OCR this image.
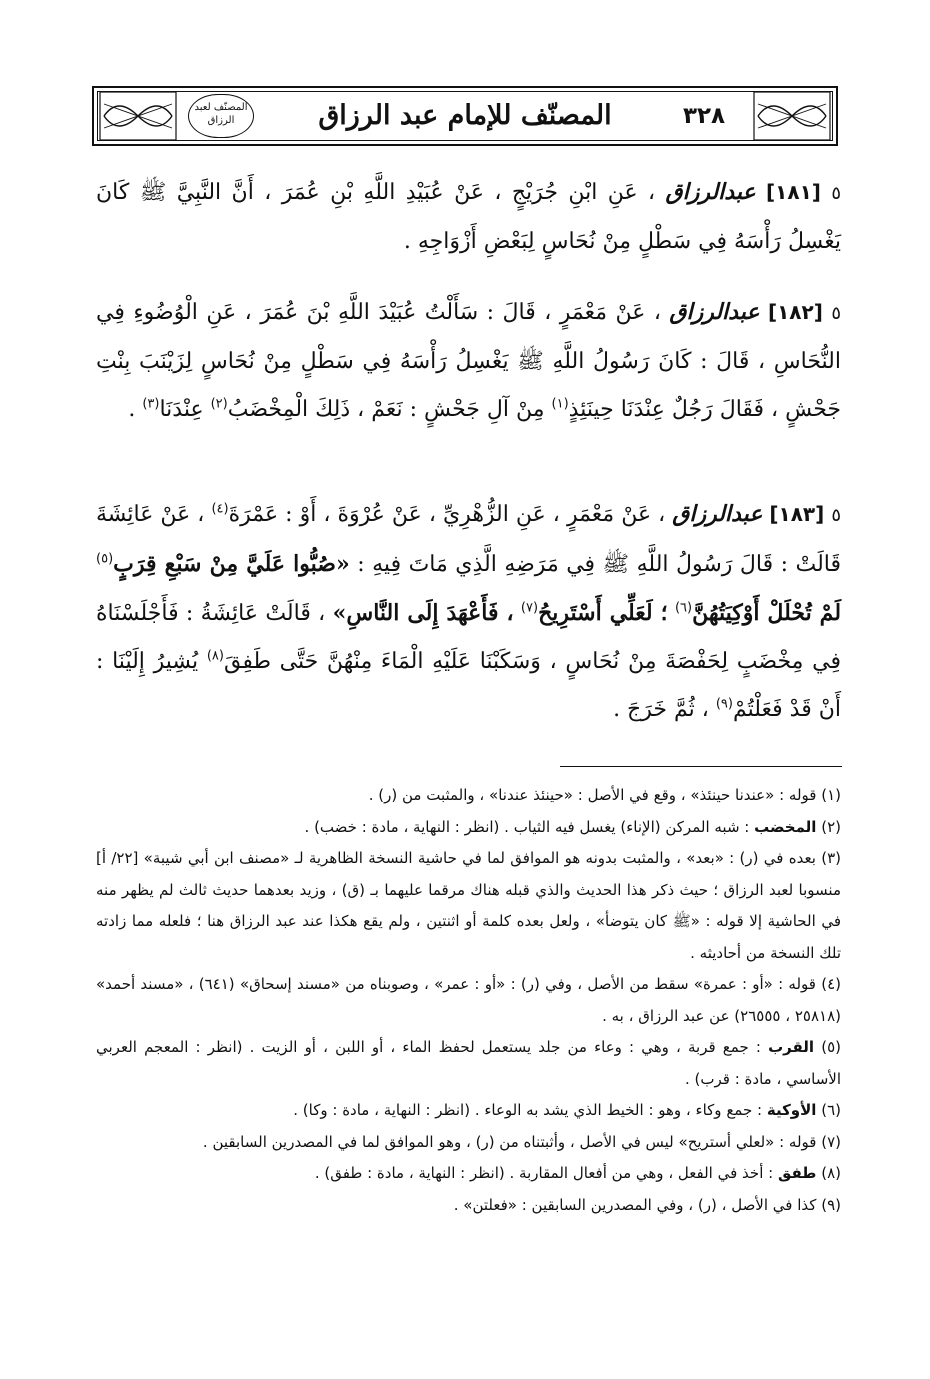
٣٢٨
المصنّف للإمام عبد الرزاق
المصنّف لعبد الرزاق

٥ [١٨١] عبدالرزاق ، عَنِ ابْنِ جُرَيْجٍ ، عَنْ عُبَيْدِ اللَّهِ بْنِ عُمَرَ ، أَنَّ النَّبِيَّ ﷺ كَانَ يَغْسِلُ رَأْسَهُ فِي سَطْلٍ مِنْ نُحَاسٍ لِبَعْضِ أَزْوَاجِهِ .

٥ [١٨٢] عبدالرزاق ، عَنْ مَعْمَرٍ ، قَالَ : سَأَلْتُ عُبَيْدَ اللَّهِ بْنَ عُمَرَ ، عَنِ الْوُضُوءِ فِي النُّحَاسِ ، قَالَ : كَانَ رَسُولُ اللَّهِ ﷺ يَغْسِلُ رَأْسَهُ فِي سَطْلٍ مِنْ نُحَاسٍ لِزَيْنَبَ بِنْتِ جَحْشٍ ، فَقَالَ رَجُلٌ عِنْدَنَا حِينَئِذٍ$^{(١)}$ مِنْ آلِ جَحْشٍ : نَعَمْ ، ذَلِكَ الْمِخْضَبُ$^{(٢)}$ عِنْدَنَا$^{(٣)}$ .

٥ [١٨٣] عبدالرزاق ، عَنْ مَعْمَرٍ ، عَنِ الزُّهْرِيِّ ، عَنْ عُرْوَةَ ، أَوْ : عَمْرَةَ$^{(٤)}$ ، عَنْ عَائِشَةَ قَالَتْ : قَالَ رَسُولُ اللَّهِ ﷺ فِي مَرَضِهِ الَّذِي مَاتَ فِيهِ : «صُبُّوا عَلَيَّ مِنْ سَبْعِ قِرَبٍ$^{(٥)}$ لَمْ تُحْلَلْ أَوْكِيَتُهُنَّ$^{(٦)}$ ؛ لَعَلِّي أَسْتَرِيحُ$^{(٧)}$ ، فَأَعْهَدَ إِلَى النَّاسِ» ، قَالَتْ عَائِشَةُ : فَأَجْلَسْنَاهُ فِي مِخْضَبٍ لِحَفْصَةَ مِنْ نُحَاسٍ ، وَسَكَبْنَا عَلَيْهِ الْمَاءَ مِنْهُنَّ حَتَّى طَفِقَ$^{(٨)}$ يُشِيرُ إِلَيْنَا : أَنْ قَدْ فَعَلْتُمْ$^{(٩)}$ ، ثُمَّ خَرَجَ .

(١) قوله : «عندنا حينئذ» ، وقع في الأصل : «حينئذ عندنا» ، والمثبت من (ر) .

(٢) المخضب : شبه المركن (الإناء) يغسل فيه الثياب . (انظر : النهاية ، مادة : خضب) .

(٣) بعده في (ر) : «بعد» ، والمثبت بدونه هو الموافق لما في حاشية النسخة الظاهرية لـ «مصنف ابن أبي شيبة» [٢٢/ أ] منسوبا لعبد الرزاق ؛ حيث ذكر هذا الحديث والذي قبله هناك مرقما عليهما بـ (ق) ، وزيد بعدهما حديث ثالث لم يظهر منه في الحاشية إلا قوله : «ﷺ كان يتوضأ» ، ولعل بعده كلمة أو اثنتين ، ولم يقع هكذا عند عبد الرزاق هنا ؛ فلعله مما زادته تلك النسخة من أحاديثه .

(٤) قوله : «أو : عمرة» سقط من الأصل ، وفي (ر) : «أو : عمر» ، وصوبناه من «مسند إسحاق» (٦٤١) ، «مسند أحمد» (٢٥٨١٨ ، ٢٦٥٥٥) عن عبد الرزاق ، به .

(٥) القرب : جمع قربة ، وهي : وعاء من جلد يستعمل لحفظ الماء ، أو اللبن ، أو الزيت . (انظر : المعجم العربي الأساسي ، مادة : قرب) .

(٦) الأوكية : جمع وكاء ، وهو : الخيط الذي يشد به الوعاء . (انظر : النهاية ، مادة : وكا) .

(٧) قوله : «لعلي أستريح» ليس في الأصل ، وأثبتناه من (ر) ، وهو الموافق لما في المصدرين السابقين .

(٨) طفق : أخذ في الفعل ، وهي من أفعال المقاربة . (انظر : النهاية ، مادة : طفق) .

(٩) كذا في الأصل ، (ر) ، وفي المصدرين السابقين : «فعلتن» .
